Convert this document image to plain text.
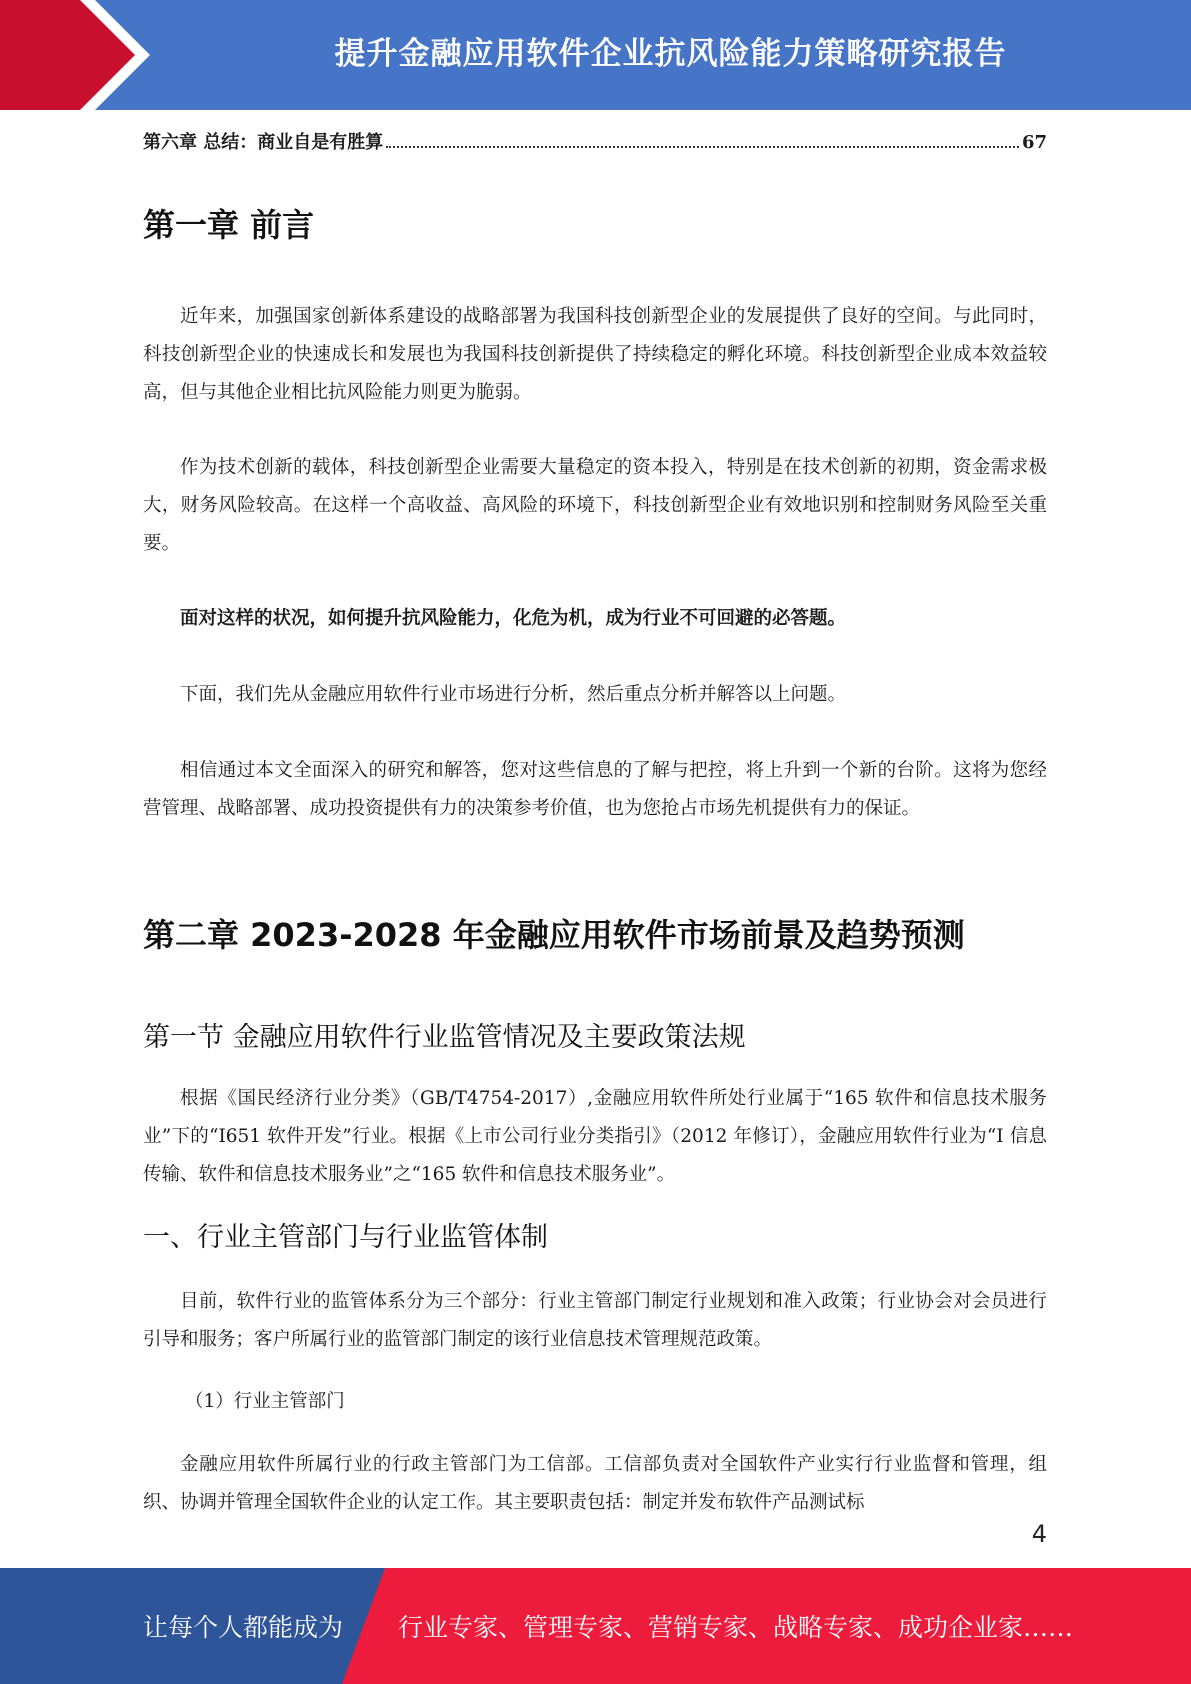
提升金融应用软件企业抗风险能力策略研究报告
第六章 总结：商业自是有胜算	67
第一章 前言

近年来，加强国家创新体系建设的战略部署为我国科技创新型企业的发展提供了良好的空间。与此同时，科技创新型企业的快速成长和发展也为我国科技创新提供了持续稳定的孵化环境。科技创新型企业成本效益较高，但与其他企业相比抗风险能力则更为脆弱。

作为技术创新的载体，科技创新型企业需要大量稳定的资本投入，特别是在技术创新的初期，资金需求极大，财务风险较高。在这样一个高收益、高风险的环境下，科技创新型企业有效地识别和控制财务风险至关重要。

面对这样的状况，如何提升抗风险能力，化危为机，成为行业不可回避的必答题。

下面，我们先从金融应用软件行业市场进行分析，然后重点分析并解答以上问题。

相信通过本文全面深入的研究和解答，您对这些信息的了解与把控，将上升到一个新的台阶。这将为您经营管理、战略部署、成功投资提供有力的决策参考价值，也为您抢占市场先机提供有力的保证。

第二章 2023-2028 年金融应用软件市场前景及趋势预测
第一节 金融应用软件行业监管情况及主要政策法规

根据《国民经济行业分类》（GB/T4754-2017）,金融应用软件所处行业属于“165 软件和信息技术服务业”下的“I651 软件开发”行业。根据《上市公司行业分类指引》（2012 年修订），金融应用软件行业为“I 信息传输、软件和信息技术服务业”之“165 软件和信息技术服务业”。

一、行业主管部门与行业监管体制

目前，软件行业的监管体系分为三个部分：行业主管部门制定行业规划和准入政策；行业协会对会员进行引导和服务；客户所属行业的监管部门制定的该行业信息技术管理规范政策。

（1）行业主管部门

金融应用软件所属行业的行政主管部门为工信部。工信部负责对全国软件产业实行行业监督和管理，组织、协调并管理全国软件企业的认定工作。其主要职责包括：制定并发布软件产品测试标

4
让每个人都能成为 行业专家、管理专家、营销专家、战略专家、成功企业家……
